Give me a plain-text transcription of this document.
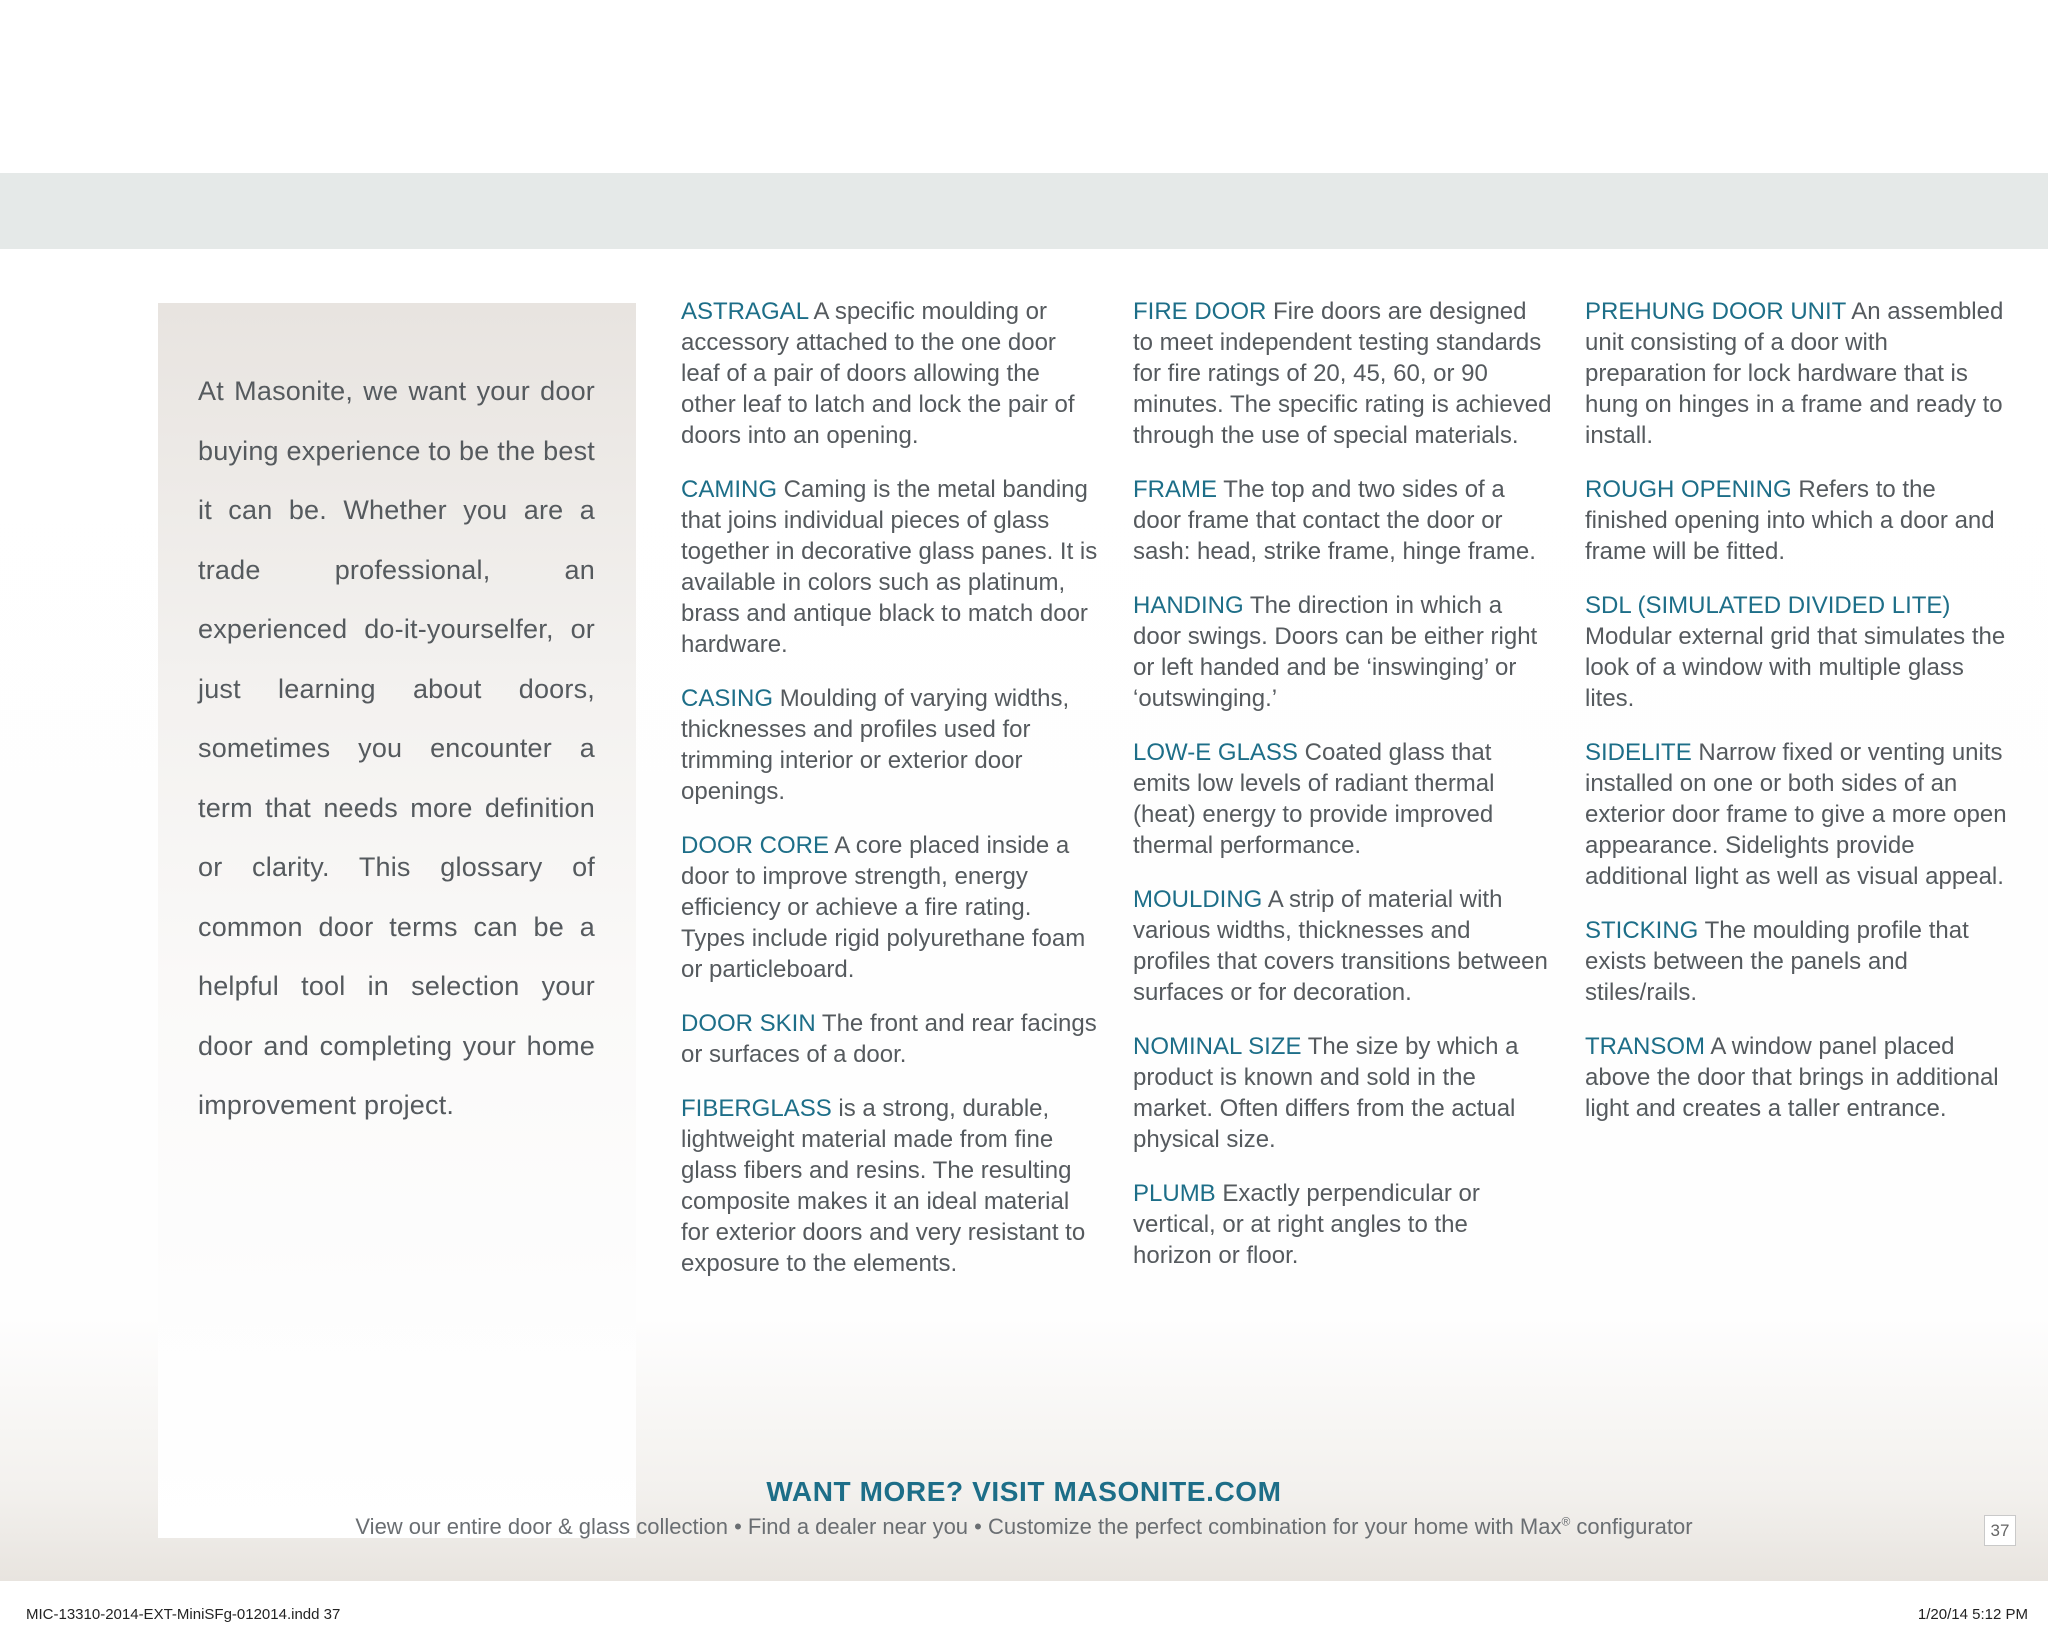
At Masonite, we want your door buying experience to be the best it can be. Whether you are a trade professional, an experienced do-it-yourselfer, or just learning about doors, sometimes you encounter a term that needs more definition or clarity. This glossary of common door terms can be a helpful tool in selection your door and completing your home improvement project.

ASTRAGAL A specific moulding or accessory attached to the one door leaf of a pair of doors allowing the other leaf to latch and lock the pair of doors into an opening.

CAMING Caming is the metal banding that joins individual pieces of glass together in decorative glass panes. It is available in colors such as platinum, brass and antique black to match door hardware.

CASING Moulding of varying widths, thicknesses and profiles used for trimming interior or exterior door openings.

DOOR CORE A core placed inside a door to improve strength, energy efficiency or achieve a fire rating. Types include rigid polyurethane foam or particleboard.

DOOR SKIN The front and rear facings or surfaces of a door.

FIBERGLASS is a strong, durable, lightweight material made from fine glass fibers and resins. The resulting composite makes it an ideal material for exterior doors and very resistant to exposure to the elements.

FIRE DOOR Fire doors are designed to meet independent testing standards for fire ratings of 20, 45, 60, or 90 minutes. The specific rating is achieved through the use of special materials.

FRAME The top and two sides of a door frame that contact the door or sash: head, strike frame, hinge frame.

HANDING The direction in which a door swings. Doors can be either right or left handed and be ‘inswinging’ or ‘outswinging.’

LOW-E GLASS Coated glass that emits low levels of radiant thermal (heat) energy to provide improved thermal performance.

MOULDING A strip of material with various widths, thicknesses and profiles that covers transitions between surfaces or for decoration.

NOMINAL SIZE The size by which a product is known and sold in the market. Often differs from the actual physical size.

PLUMB Exactly perpendicular or vertical, or at right angles to the horizon or floor.

PREHUNG DOOR UNIT An assembled unit consisting of a door with preparation for lock hardware that is hung on hinges in a frame and ready to install.

ROUGH OPENING Refers to the finished opening into which a door and frame will be fitted.

SDL (SIMULATED DIVIDED LITE) Modular external grid that simulates the look of a window with multiple glass lites.

SIDELITE Narrow fixed or venting units installed on one or both sides of an exterior door frame to give a more open appearance. Sidelights provide additional light as well as visual appeal.

STICKING The moulding profile that exists between the panels and stiles/rails.

TRANSOM A window panel placed above the door that brings in additional light and creates a taller entrance.

WANT MORE? VISIT MASONITE.COM
View our entire door & glass collection • Find a dealer near you • Customize the perfect combination for your home with Max® configurator	37
MIC-13310-2014-EXT-MiniSFg-012014.indd 37	1/20/14 5:12 PM
